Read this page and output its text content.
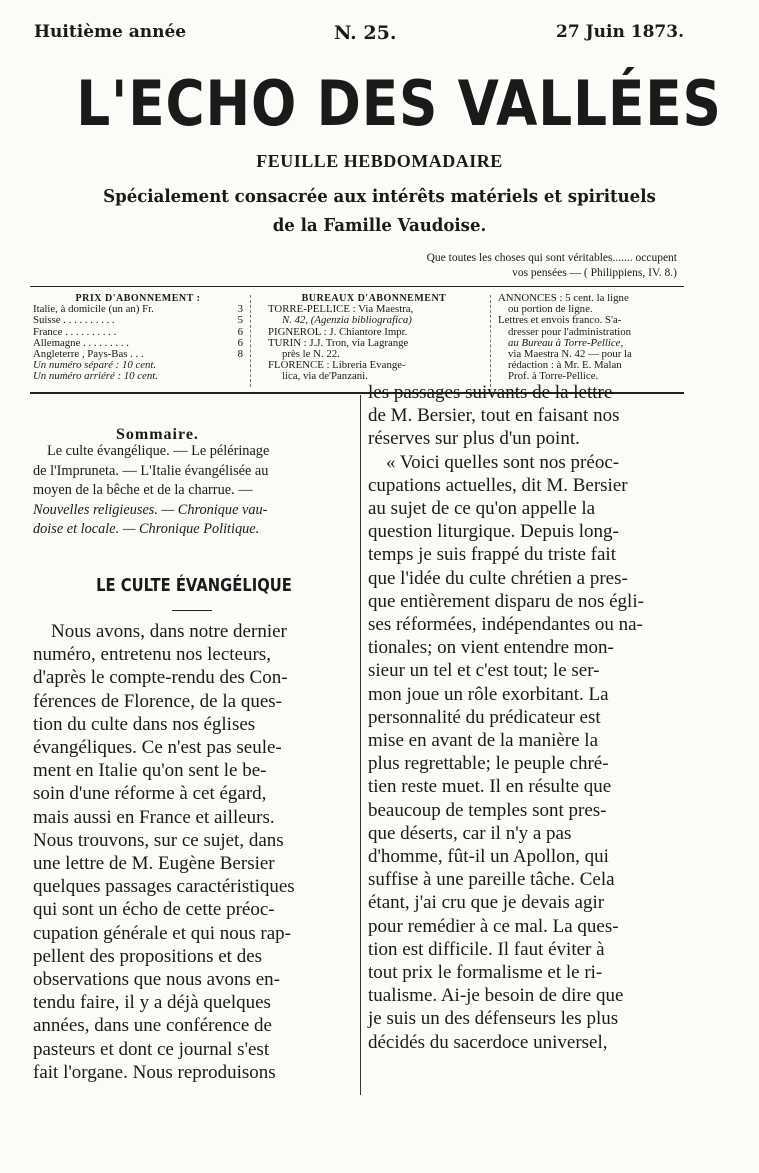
Huitième année	N. 25.	27 Juin 1873.
L'ECHO DES VALLÉES
FEUILLE HEBDOMADAIRE
Spécialement consacrée aux intérêts matériels et spirituels
de la Famille Vaudoise.
Que toutes les choses qui sont véritables....... occupent
vos pensées — ( Philippiens, IV. 8.)
PRIX D'ABONNEMENT :
Italie, à domicile (un an) Fr.	3
Suisse . . . . . . . . . .	5
France . . . . . . . . . .	6
Allemagne . . . . . . . . .	6
Angleterre , Pays-Bas . . .	8
Un numéro séparé : 10 cent.
Un numéro arriéré : 10 cent.
BUREAUX D'ABONNEMENT
TORRE-PELLICE : Via Maestra,
N. 42, (Agenzia bibliografica)
PIGNEROL : J. Chiantore Impr.
TURIN : J.J. Tron, via Lagrange
près le N. 22.
FLORENCE : Libreria Evange-
lica, via de'Panzani.
ANNONCES : 5 cent. la ligne
ou portion de ligne.
Lettres et envois franco. S'a-
dresser pour l'administration
au Bureau à Torre-Pellice,
via Maestra N. 42 — pour la
rédaction : à Mr. E. Malan
Prof. à Torre-Pellice.
Sommaire.
Le culte évangélique. — Le pélérinage
de l'Impruneta. — L'Italie évangélisée au
moyen de la bêche et de la charrue. —
Nouvelles religieuses. — Chronique vau-
doise et locale. — Chronique Politique.
LE CULTE ÉVANGÉLIQUE
Nous avons, dans notre dernier
numéro, entretenu nos lecteurs,
d'après le compte-rendu des Con-
férences de Florence, de la ques-
tion du culte dans nos églises
évangéliques. Ce n'est pas seule-
ment en Italie qu'on sent le be-
soin d'une réforme à cet égard,
mais aussi en France et ailleurs.
Nous trouvons, sur ce sujet, dans
une lettre de M. Eugène Bersier
quelques passages caractéristiques
qui sont un écho de cette préoc-
cupation générale et qui nous rap-
pellent des propositions et des
observations que nous avons en-
tendu faire, il y a déjà quelques
années, dans une conférence de
pasteurs et dont ce journal s'est
fait l'organe. Nous reproduisons
les passages suivants de la lettre
de M. Bersier, tout en faisant nos
réserves sur plus d'un point.
« Voici quelles sont nos préoc-
cupations actuelles, dit M. Bersier
au sujet de ce qu'on appelle la
question liturgique. Depuis long-
temps je suis frappé du triste fait
que l'idée du culte chrétien a pres-
que entièrement disparu de nos égli-
ses réformées, indépendantes ou na-
tionales; on vient entendre mon-
sieur un tel et c'est tout; le ser-
mon joue un rôle exorbitant. La
personnalité du prédicateur est
mise en avant de la manière la
plus regrettable; le peuple chré-
tien reste muet. Il en résulte que
beaucoup de temples sont pres-
que déserts, car il n'y a pas
d'homme, fût-il un Apollon, qui
suffise à une pareille tâche. Cela
étant, j'ai cru que je devais agir
pour remédier à ce mal. La ques-
tion est difficile. Il faut éviter à
tout prix le formalisme et le ri-
tualisme. Ai-je besoin de dire que
je suis un des défenseurs les plus
décidés du sacerdoce universel,
